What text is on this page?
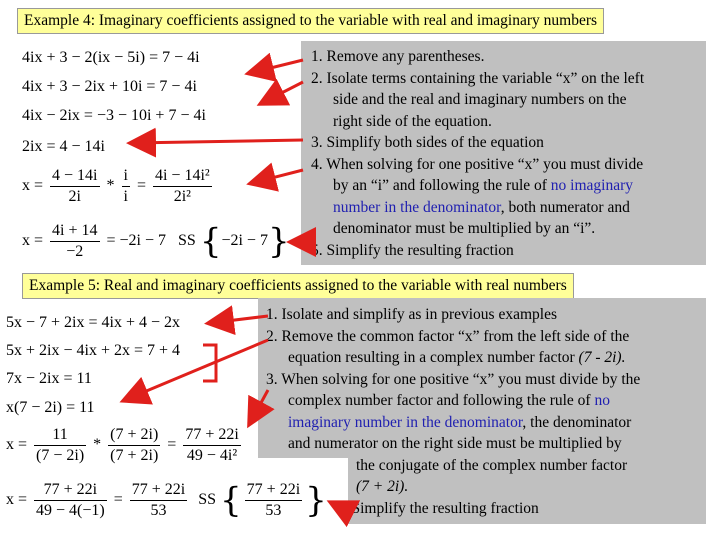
Example 4: Imaginary coefficients assigned to the variable with real and imaginary numbers
1. Remove any parentheses.
2. Isolate terms containing the variable “x” on the left
side and the real and imaginary numbers on the
right side of the equation.
3. Simplify both sides of the equation
4. When solving for one positive “x” you must divide
by an “i” and following the rule of no imaginary
number in the denominator, both numerator and
denominator must be multiplied by an “i”.
5. Simplify the resulting fraction
4ix + 3 − 2(ix − 5i) = 7 − 4i
4ix + 3 − 2ix + 10i = 7 − 4i
4ix − 2ix = −3 − 10i + 7 − 4i
2ix = 4 − 14i
$x = \frac{4 - 14i}{2i} * \frac{i}{i} = \frac{\text{4i − 14i²}}{\text{2i²}}$
$x = \frac{4i + 14}{-2} = -2i - 7$ SS {−2i − 7}
Example 5: Real and imaginary coefficients assigned to the variable with real numbers
1. Isolate and simplify as in previous examples
2. Remove the common factor “x” from the left side of the
equation resulting in a complex number factor (7 - 2i).
3. When solving for one positive “x” you must divide by the
complex number factor and following the rule of no
imaginary number in the denominator, the denominator
and numerator on the right side must be multiplied by
the conjugate of the complex number factor
(7 + 2i).
4. Simplify the resulting fraction
5x − 7 + 2ix = 4ix + 4 − 2x
5x + 2ix − 4ix + 2x = 7 + 4
7x − 2ix = 11
x(7 − 2i) = 11
$x = \frac{11}{(7 - 2i)} * \frac{(7 + 2i)}{(7 + 2i)} = \frac{77 + 22i}{\text{49 − 4i²}}$
$x = \frac{77 + 22i}{49 - 4(-1)} = \frac{77 + 22i}{53}$ SS { $\frac{77 + 22i}{53}$ }
